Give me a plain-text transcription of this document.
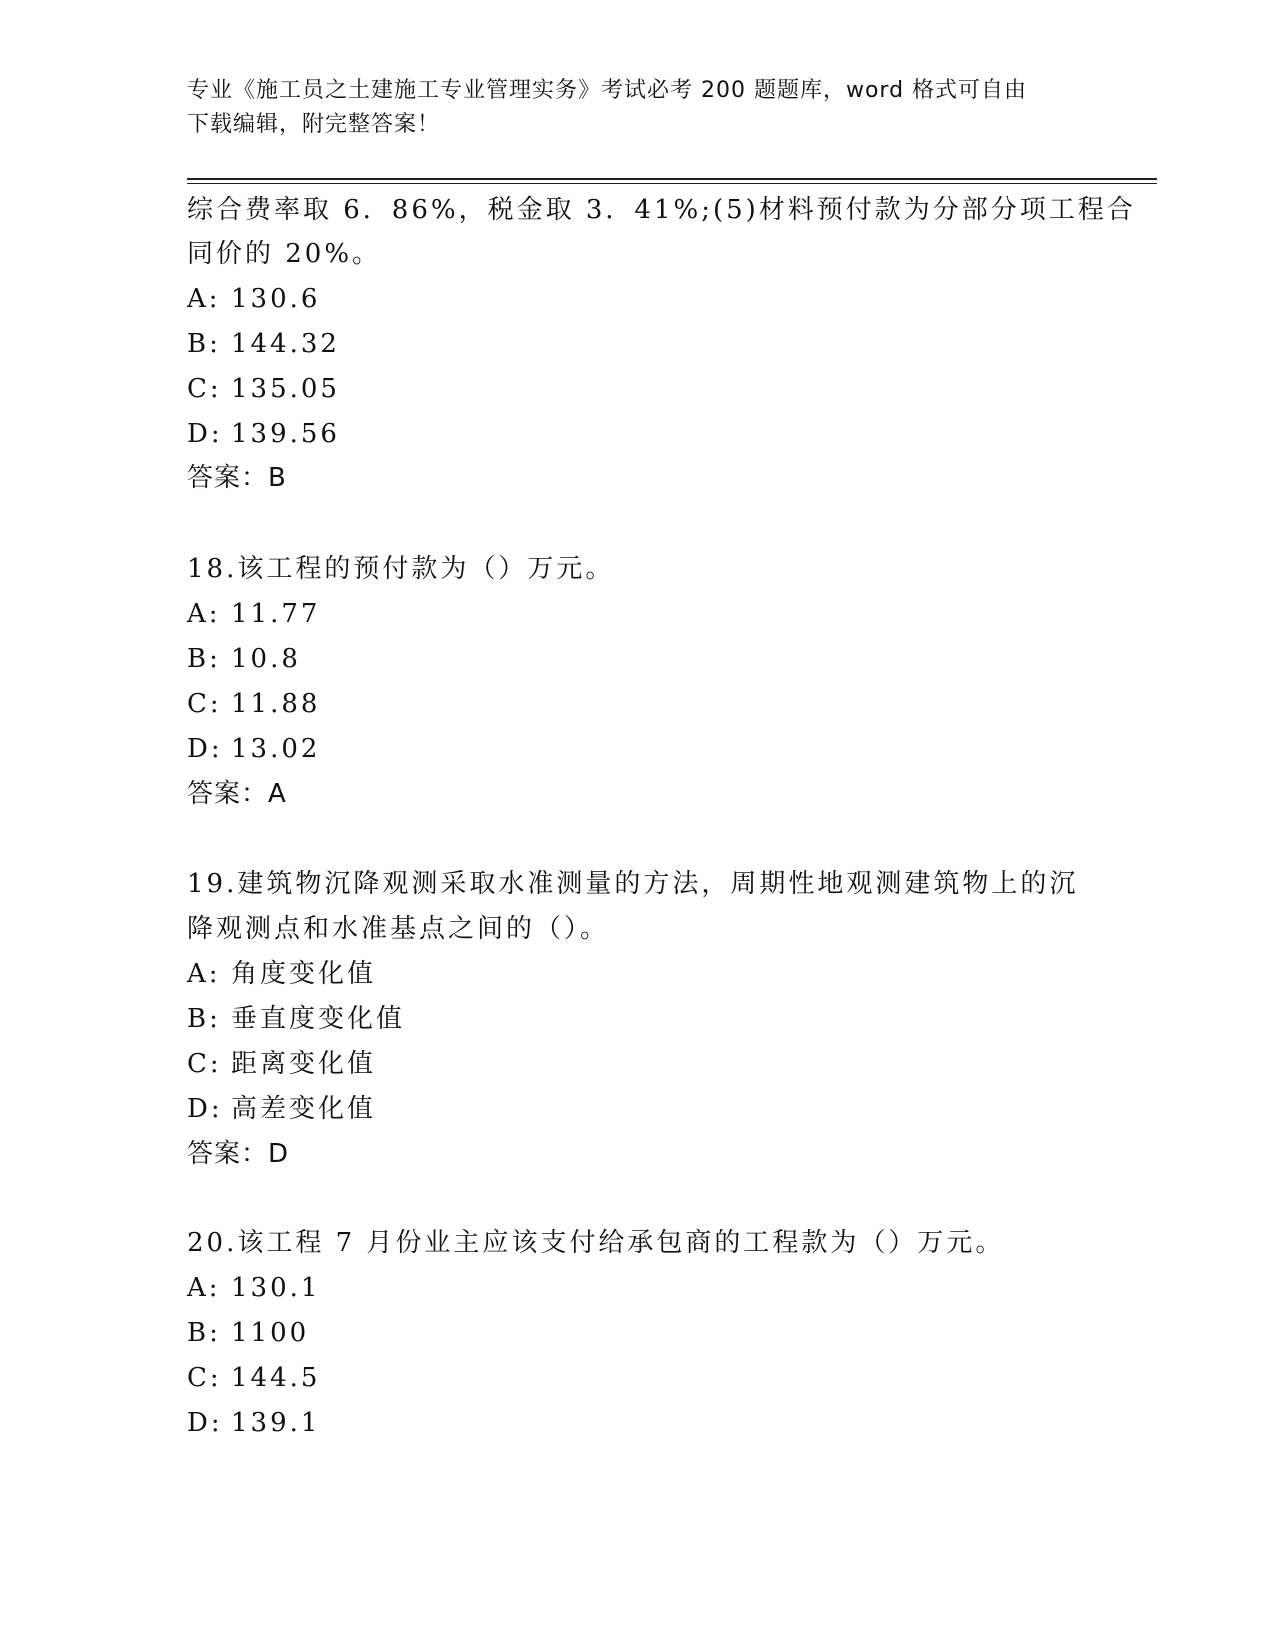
专业《施工员之土建施工专业管理实务》考试必考 200 题题库，word 格式可自由
下载编辑，附完整答案！
综合费率取 6．86%，税金取 3．41%;(5)材料预付款为分部分项工程合
同价的 20%。
A: 130.6
B: 144.32
C: 135.05
D: 139.56
答案：B
18.该工程的预付款为（）万元。
A: 11.77
B: 10.8
C: 11.88
D: 13.02
答案：A
19.建筑物沉降观测采取水准测量的方法，周期性地观测建筑物上的沉
降观测点和水准基点之间的（）。
A: 角度变化值
B: 垂直度变化值
C: 距离变化值
D: 高差变化值
答案：D
20.该工程 7 月份业主应该支付给承包商的工程款为（）万元。
A: 130.1
B: 1100
C: 144.5
D: 139.1
